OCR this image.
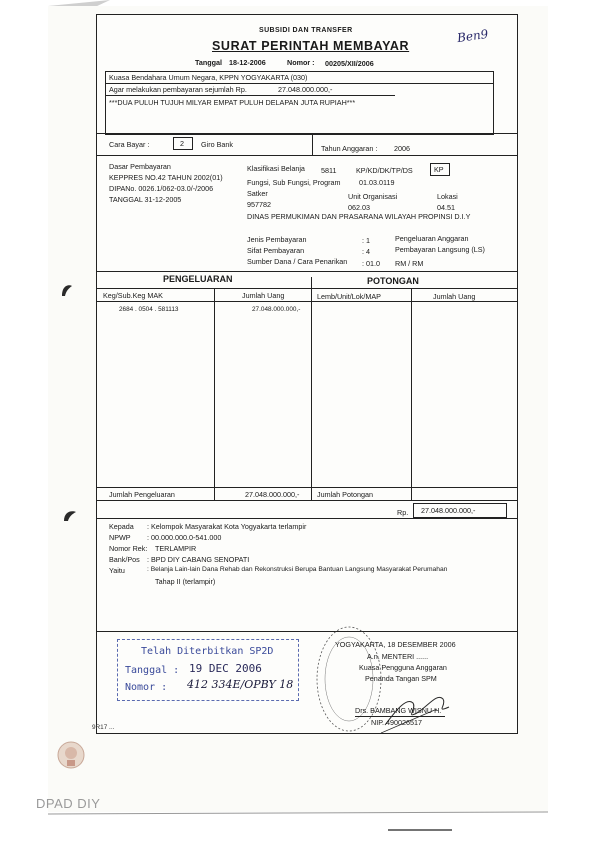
SUBSIDI DAN TRANSFER
SURAT PERINTAH MEMBAYAR
Tanggal 18-12-2006	Nomor : 00205/XII/2006
Ben9
Kuasa Bendahara Umum Negara, KPPN YOGYAKARTA (030)
Agar melakukan pembayaran sejumlah Rp.	27.048.000.000,-
***DUA PULUH TUJUH MILYAR EMPAT PULUH DELAPAN JUTA RUPIAH***
Cara Bayar :	2 Giro Bank	Tahun Anggaran : 2006
Dasar Pembayaran
KEPPRES NO.42 TAHUN 2002(01)
DIPANo. 0026.1/062-03.0/-/2006
TANGGAL 31-12-2005
Klasifikasi Belanja 5811	KP/KD/DK/TP/DS	KP
Fungsi, Sub Fungsi, Program	01.03.0119
Satker	Unit Organisasi	Lokasi
957782	062.03	04.51
DINAS PERMUKIMAN DAN PRASARANA WILAYAH PROPINSI D.I.Y
Jenis Pembayaran	: 1	Pengeluaran Anggaran
Sifat Pembayaran	: 4	Pembayaran Langsung (LS)
Sumber Dana / Cara Penarikan : 01.0 RM / RM
PENGELUARAN	POTONGAN
Keg/Sub.Keg MAK	Jumlah Uang	Lemb/Unit/Lok/MAP	Jumlah Uang
2684 . 0504 . 581113	27.048.000.000,-
Jumlah Pengeluaran	27.048.000.000,- Jumlah Potongan
Rp. 27.048.000.000,-
Kepada : Kelompok Masyarakat Kota Yogyakarta terlampir
NPWP : 00.000.000.0-541.000
Nomor Rek: TERLAMPIR
Bank/Pos : BPD DIY CABANG SENOPATI
Yaitu	: Belanja Lain-lain Dana Rehab dan Rekonstruksi Berupa Bantuan Langsung Masyarakat Perumahan
Tahap II (terlampir)
Telah Diterbitkan SP2D
Tanggal : 19 DEC 2006
Nomor : 412 334E/OPBY 18
YOGYAKARTA, 18 DESEMBER 2006
A.n. MENTERI ......
Kuasa Pengguna Anggaran
Penanda Tangan SPM
Drs. BAMBANG WISNU H.
NIP. 490026517
9R17 ...
DPAD DIY
